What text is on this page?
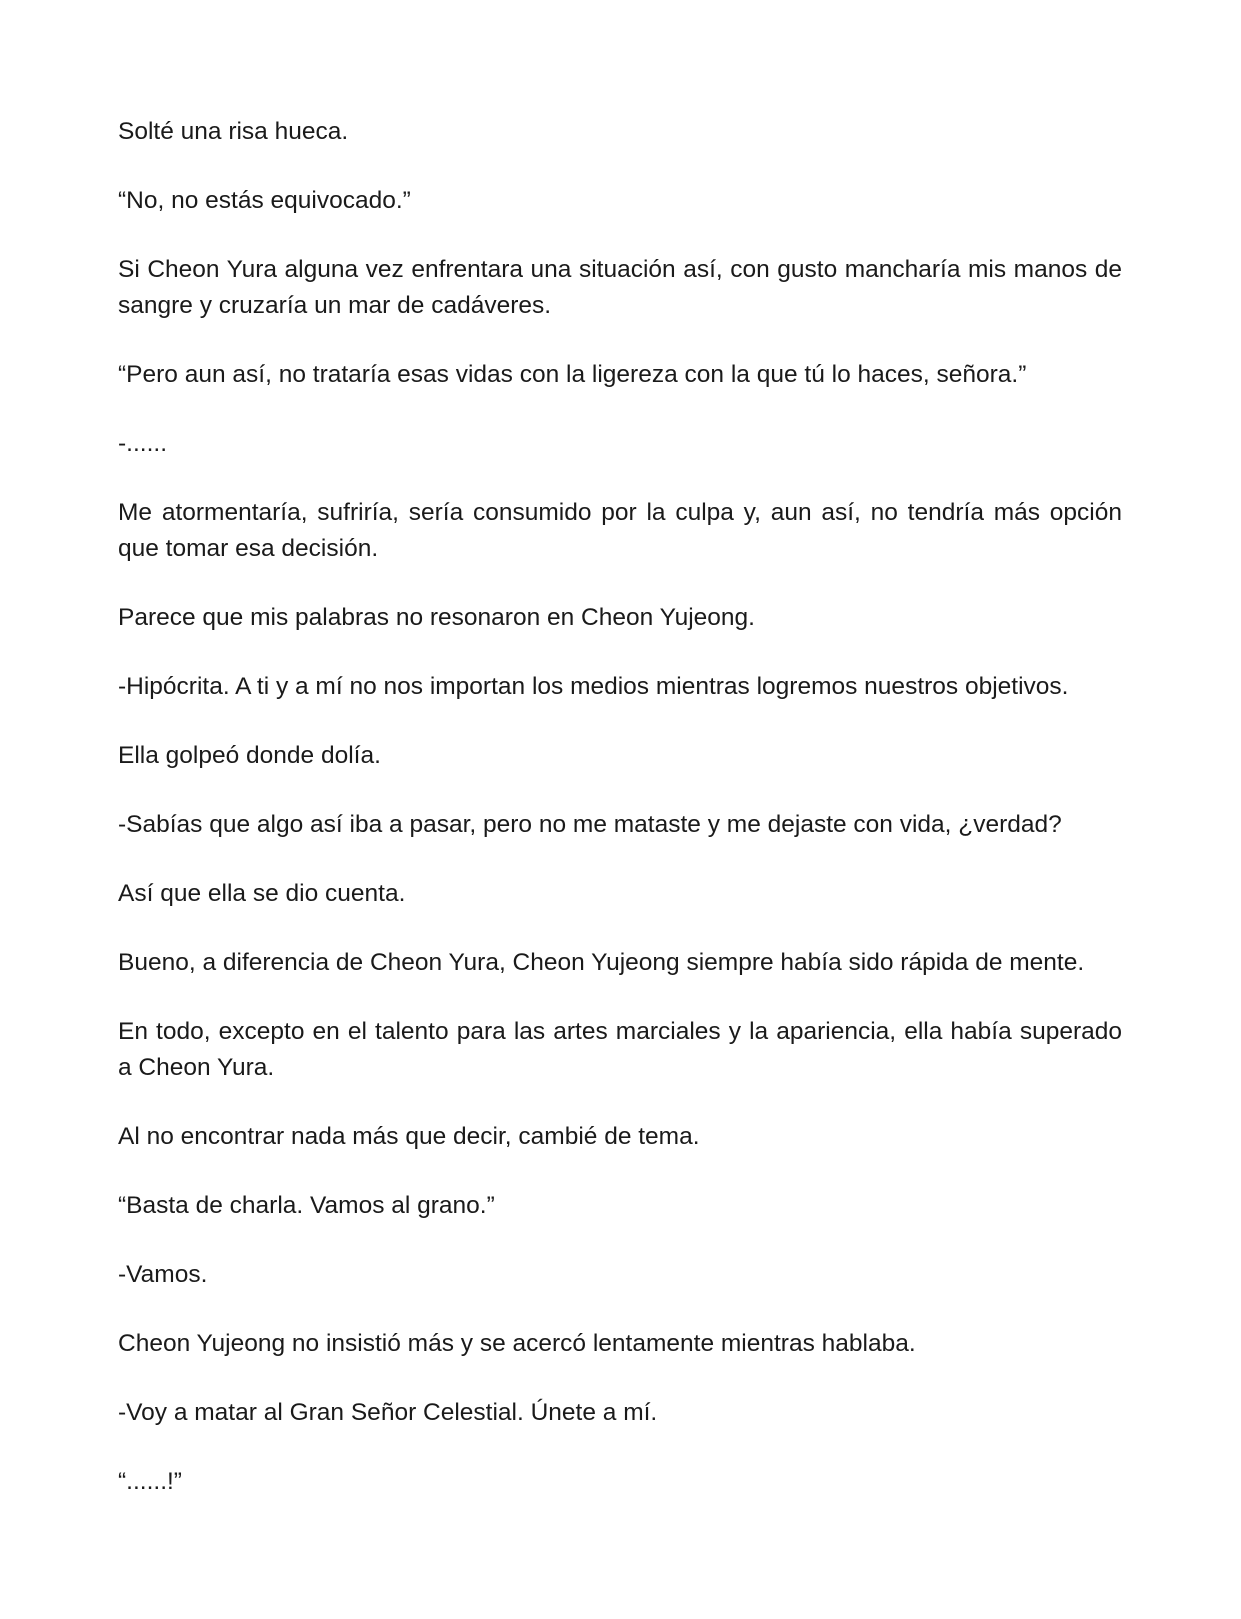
Solté una risa hueca.

“No, no estás equivocado.”

Si Cheon Yura alguna vez enfrentara una situación así, con gusto mancharía mis manos de sangre y cruzaría un mar de cadáveres.

“Pero aun así, no trataría esas vidas con la ligereza con la que tú lo haces, señora.”

-......

Me atormentaría, sufriría, sería consumido por la culpa y, aun así, no tendría más opción que tomar esa decisión.

Parece que mis palabras no resonaron en Cheon Yujeong.

-Hipócrita. A ti y a mí no nos importan los medios mientras logremos nuestros objetivos.

Ella golpeó donde dolía.

-Sabías que algo así iba a pasar, pero no me mataste y me dejaste con vida, ¿verdad?

Así que ella se dio cuenta.

Bueno, a diferencia de Cheon Yura, Cheon Yujeong siempre había sido rápida de mente.

En todo, excepto en el talento para las artes marciales y la apariencia, ella había superado a Cheon Yura.

Al no encontrar nada más que decir, cambié de tema.

“Basta de charla. Vamos al grano.”

-Vamos.

Cheon Yujeong no insistió más y se acercó lentamente mientras hablaba.

-Voy a matar al Gran Señor Celestial. Únete a mí.

“......!”
